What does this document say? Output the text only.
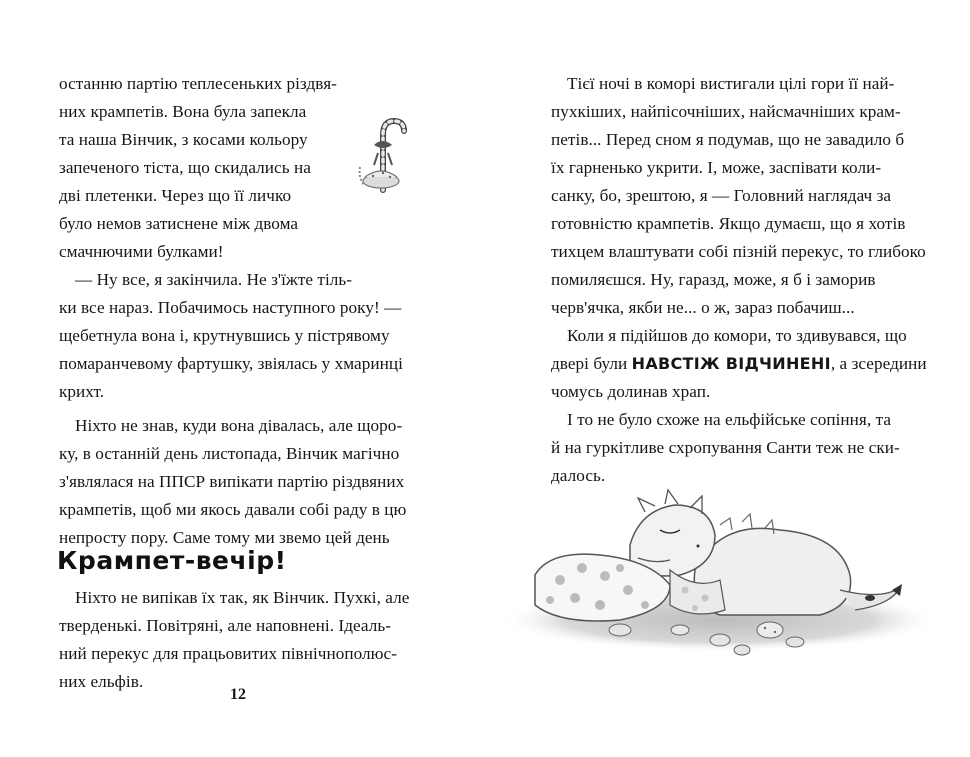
останню партію теплесеньких різдвя-
них крампетів. Вона була запекла
та наша Вінчик, з косами кольору
запеченого тіста, що скидались на
дві плетенки. Через що її личко
було немов затиснене між двома
смачнючими булками!
— Ну все, я закінчила. Не з'їжте тіль-
ки все нараз. Побачимось наступного року! —
щебетнула вона і, крутнувшись у пістрявому
помаранчевому фартушку, звіялась у хмаринці
крихт.
Ніхто не знав, куди вона дівалась, але щоро-
ку, в останній день листопада, Вінчик магічно
з'являлася на ППСР випікати партію різдвяних
крампетів, щоб ми якось давали собі раду в цю
непросту пору. Саме тому ми звемо цей день
Крампет-вечір!
Ніхто не випікав їх так, як Вінчик. Пухкі, але
тверденькі. Повітряні, але наповнені. Ідеаль-
ний перекус для працьовитих північнополюс-
них ельфів.
12
Тієї ночі в коморі вистигали цілі гори її най-
пухкіших, найпісочніших, найсмачніших крам-
петів... Перед сном я подумав, що не завадило б
їх гарненько укрити. І, може, заспівати коли-
санку, бо, зрештою, я — Головний наглядач за
готовністю крампетів. Якщо думаєш, що я хотів
тихцем влаштувати собі пізній перекус, то глибоко
помиляєшся. Ну, гаразд, може, я б і заморив
черв'ячка, якби не... о ж, зараз побачиш...
Коли я підійшов до комори, то здивувався, що
двері були НАВСТІЖ ВІДЧИНЕНІ, а зсередини
чомусь долинав храп.
І то не було схоже на ельфійське сопіння, та
й на гуркітливе схропування Санти теж не ски-
далось.
